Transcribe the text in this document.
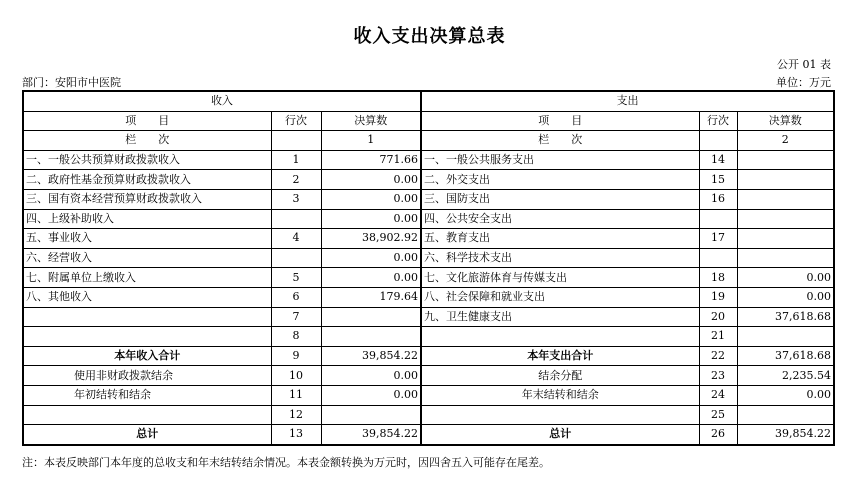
收入支出决算总表
公开 01 表
部门：安阳市中医院	单位：万元
收入			支出		
项　　目	行次	决算数	项　　目	行次	决算数
栏　　次		1	栏　　次		2
一、一般公共预算财政拨款收入	1	771.66	一、一般公共服务支出	14	
二、政府性基金预算财政拨款收入	2	0.00	二、外交支出	15	
三、国有资本经营预算财政拨款收入	3	0.00	三、国防支出	16	
四、上级补助收入		0.00	四、公共安全支出		
五、事业收入	4	38,902.92	五、教育支出	17	
六、经营收入		0.00	六、科学技术支出		
七、附属单位上缴收入	5	0.00	七、文化旅游体育与传媒支出	18	0.00
八、其他收入	6	179.64	八、社会保障和就业支出	19	0.00
	7		九、卫生健康支出	20	37,618.68
	8			21	
本年收入合计	9	39,854.22	本年支出合计	22	37,618.68
使用非财政拨款结余	10	0.00	结余分配	23	2,235.54
年初结转和结余	11	0.00	年末结转和结余	24	0.00
	12			25	
总计	13	39,854.22	总计	26	39,854.22
注：本表反映部门本年度的总收支和年末结转结余情况。本表金额转换为万元时，因四舍五入可能存在尾差。
